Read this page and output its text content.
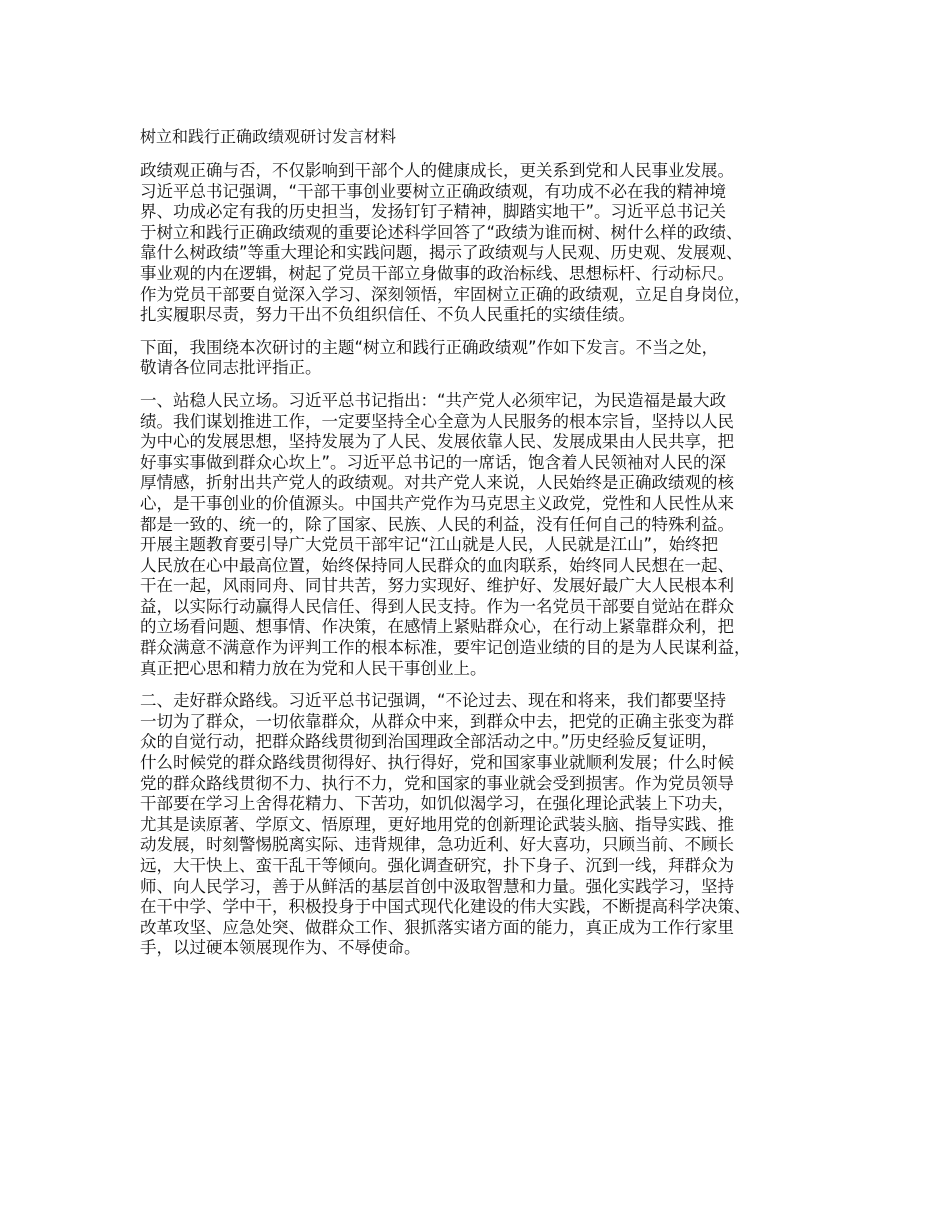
树立和践行正确政绩观研讨发言材料
政绩观正确与否，不仅影响到干部个人的健康成长，更关系到党和人民事业发展。
习近平总书记强调，“干部干事创业要树立正确政绩观，有功成不必在我的精神境
界、功成必定有我的历史担当，发扬钉钉子精神，脚踏实地干”。习近平总书记关
于树立和践行正确政绩观的重要论述科学回答了“政绩为谁而树、树什么样的政绩、
靠什么树政绩”等重大理论和实践问题，揭示了政绩观与人民观、历史观、发展观、
事业观的内在逻辑，树起了党员干部立身做事的政治标线、思想标杆、行动标尺。
作为党员干部要自觉深入学习、深刻领悟，牢固树立正确的政绩观，立足自身岗位，
扎实履职尽责，努力干出不负组织信任、不负人民重托的实绩佳绩。
下面，我围绕本次研讨的主题“树立和践行正确政绩观”作如下发言。不当之处，
敬请各位同志批评指正。
一、站稳人民立场。习近平总书记指出：“共产党人必须牢记，为民造福是最大政
绩。我们谋划推进工作，一定要坚持全心全意为人民服务的根本宗旨，坚持以人民
为中心的发展思想，坚持发展为了人民、发展依靠人民、发展成果由人民共享，把
好事实事做到群众心坎上”。习近平总书记的一席话，饱含着人民领袖对人民的深
厚情感，折射出共产党人的政绩观。对共产党人来说，人民始终是正确政绩观的核
心，是干事创业的价值源头。中国共产党作为马克思主义政党，党性和人民性从来
都是一致的、统一的，除了国家、民族、人民的利益，没有任何自己的特殊利益。
开展主题教育要引导广大党员干部牢记“江山就是人民，人民就是江山”，始终把
人民放在心中最高位置，始终保持同人民群众的血肉联系，始终同人民想在一起、
干在一起，风雨同舟、同甘共苦，努力实现好、维护好、发展好最广大人民根本利
益，以实际行动赢得人民信任、得到人民支持。作为一名党员干部要自觉站在群众
的立场看问题、想事情、作决策，在感情上紧贴群众心，在行动上紧靠群众利，把
群众满意不满意作为评判工作的根本标准，要牢记创造业绩的目的是为人民谋利益，
真正把心思和精力放在为党和人民干事创业上。
二、走好群众路线。习近平总书记强调，“不论过去、现在和将来，我们都要坚持
一切为了群众，一切依靠群众，从群众中来，到群众中去，把党的正确主张变为群
众的自觉行动，把群众路线贯彻到治国理政全部活动之中。”历史经验反复证明，
什么时候党的群众路线贯彻得好、执行得好，党和国家事业就顺利发展；什么时候
党的群众路线贯彻不力、执行不力，党和国家的事业就会受到损害。作为党员领导
干部要在学习上舍得花精力、下苦功，如饥似渴学习，在强化理论武装上下功夫，
尤其是读原著、学原文、悟原理，更好地用党的创新理论武装头脑、指导实践、推
动发展，时刻警惕脱离实际、违背规律，急功近利、好大喜功，只顾当前、不顾长
远，大干快上、蛮干乱干等倾向。强化调查研究，扑下身子、沉到一线，拜群众为
师、向人民学习，善于从鲜活的基层首创中汲取智慧和力量。强化实践学习，坚持
在干中学、学中干，积极投身于中国式现代化建设的伟大实践，不断提高科学决策、
改革攻坚、应急处突、做群众工作、狠抓落实诸方面的能力，真正成为工作行家里
手，以过硬本领展现作为、不辱使命。
